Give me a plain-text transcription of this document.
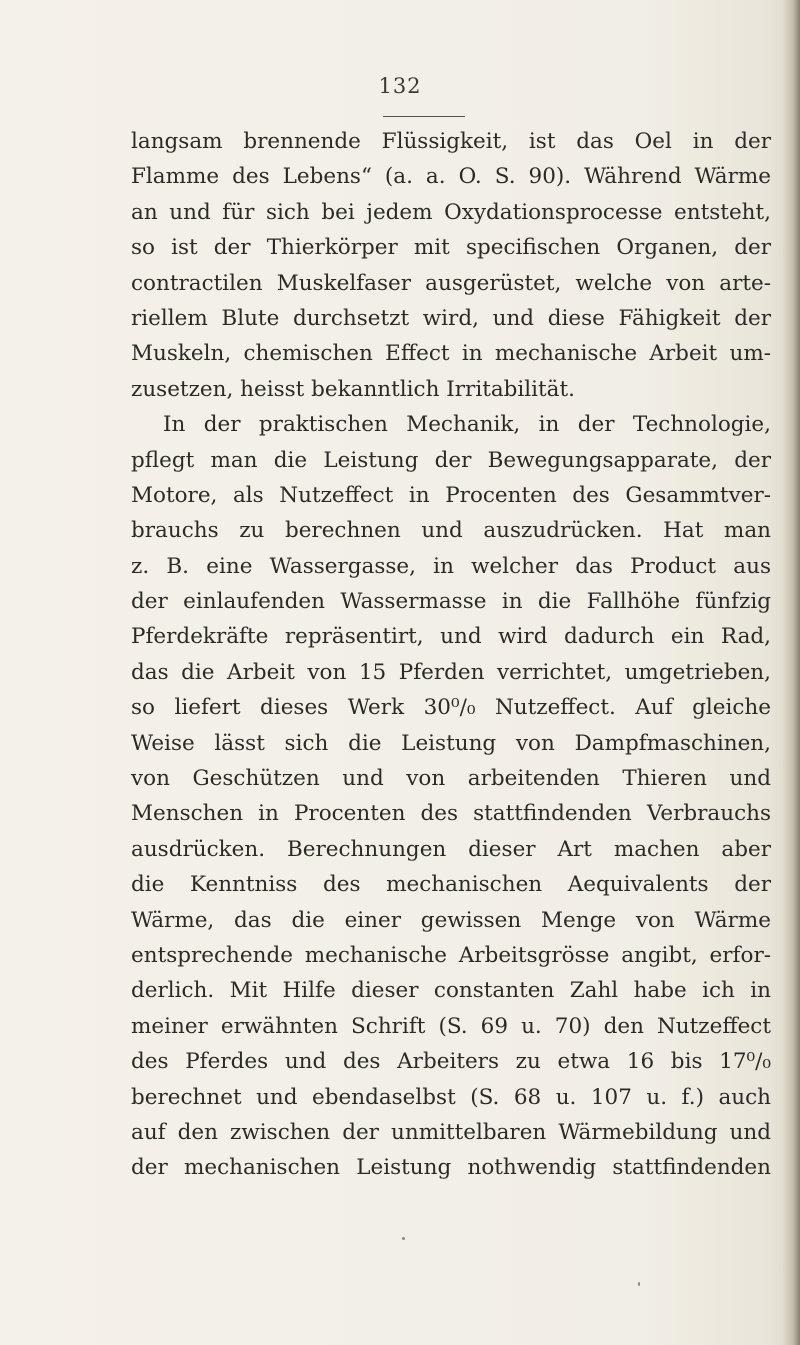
132
langsam brennende Flüssigkeit, ist das Oel in der
Flamme des Lebens“ (a. a. O. S. 90). Während Wärme
an und für sich bei jedem Oxydationsprocesse entsteht,
so ist der Thierkörper mit specifischen Organen, der
contractilen Muskelfaser ausgerüstet, welche von arte-
riellem Blute durchsetzt wird, und diese Fähigkeit der
Muskeln, chemischen Effect in mechanische Arbeit um-
zusetzen, heisst bekanntlich Irritabilität.
In der praktischen Mechanik, in der Technologie,
pflegt man die Leistung der Bewegungsapparate, der
Motore, als Nutzeffect in Procenten des Gesammtver-
brauchs zu berechnen und auszudrücken. Hat man
z. B. eine Wassergasse, in welcher das Product aus
der einlaufenden Wassermasse in die Fallhöhe fünfzig
Pferdekräfte repräsentirt, und wird dadurch ein Rad,
das die Arbeit von 15 Pferden verrichtet, umgetrieben,
so liefert dieses Werk 30⁰/₀ Nutzeffect. Auf gleiche
Weise lässt sich die Leistung von Dampfmaschinen,
von Geschützen und von arbeitenden Thieren und
Menschen in Procenten des stattfindenden Verbrauchs
ausdrücken. Berechnungen dieser Art machen aber
die Kenntniss des mechanischen Aequivalents der
Wärme, das die einer gewissen Menge von Wärme
entsprechende mechanische Arbeitsgrösse angibt, erfor-
derlich. Mit Hilfe dieser constanten Zahl habe ich in
meiner erwähnten Schrift (S. 69 u. 70) den Nutzeffect
des Pferdes und des Arbeiters zu etwa 16 bis 17⁰/₀
berechnet und ebendaselbst (S. 68 u. 107 u. f.) auch
auf den zwischen der unmittelbaren Wärmebildung und
der mechanischen Leistung nothwendig stattfindenden
